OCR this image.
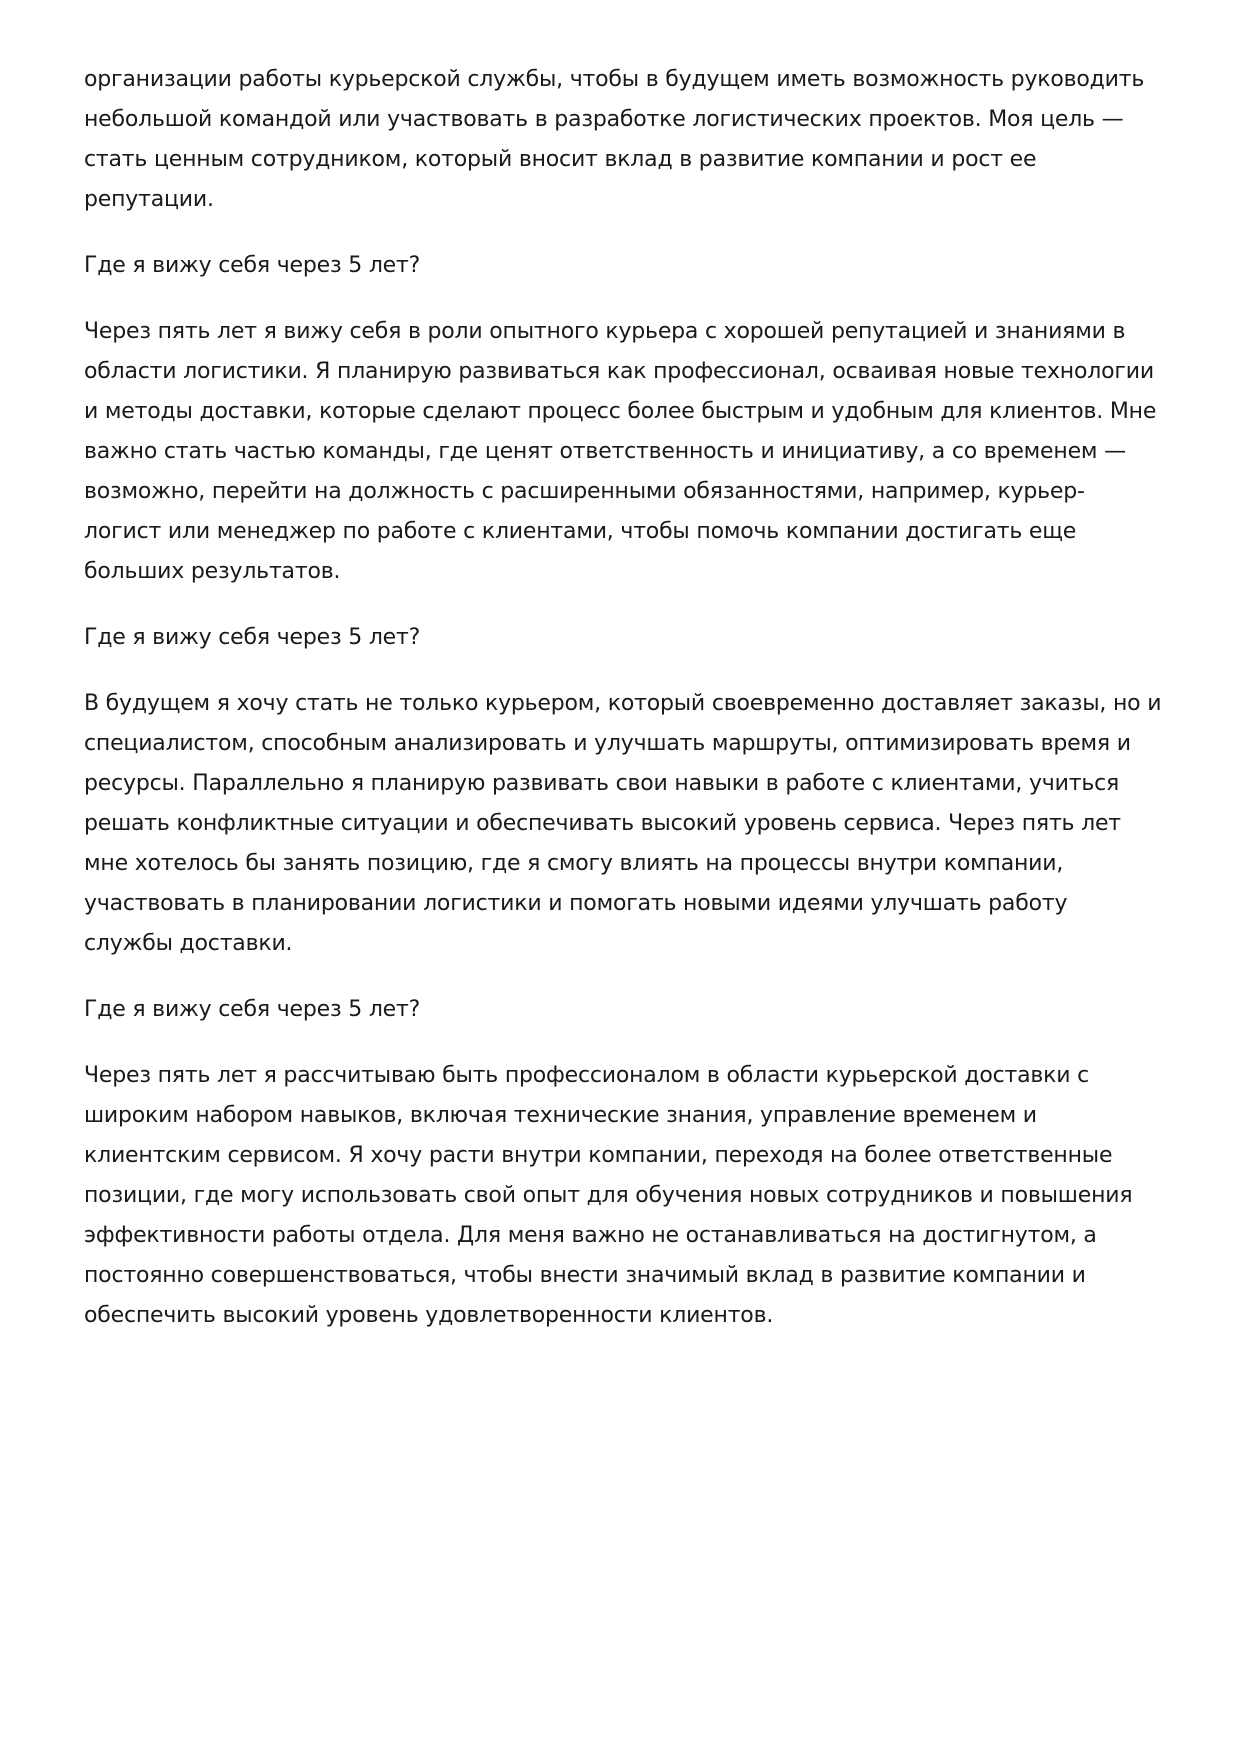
организации работы курьерской службы, чтобы в будущем иметь возможность руководить
небольшой командой или участвовать в разработке логистических проектов. Моя цель —
стать ценным сотрудником, который вносит вклад в развитие компании и рост ее
репутации.

Где я вижу себя через 5 лет?

Через пять лет я вижу себя в роли опытного курьера с хорошей репутацией и знаниями в
области логистики. Я планирую развиваться как профессионал, осваивая новые технологии
и методы доставки, которые сделают процесс более быстрым и удобным для клиентов. Мне
важно стать частью команды, где ценят ответственность и инициативу, а со временем —
возможно, перейти на должность с расширенными обязанностями, например, курьер-
логист или менеджер по работе с клиентами, чтобы помочь компании достигать еще
больших результатов.

Где я вижу себя через 5 лет?

В будущем я хочу стать не только курьером, который своевременно доставляет заказы, но и
специалистом, способным анализировать и улучшать маршруты, оптимизировать время и
ресурсы. Параллельно я планирую развивать свои навыки в работе с клиентами, учиться
решать конфликтные ситуации и обеспечивать высокий уровень сервиса. Через пять лет
мне хотелось бы занять позицию, где я смогу влиять на процессы внутри компании,
участвовать в планировании логистики и помогать новыми идеями улучшать работу
службы доставки.

Где я вижу себя через 5 лет?

Через пять лет я рассчитываю быть профессионалом в области курьерской доставки с
широким набором навыков, включая технические знания, управление временем и
клиентским сервисом. Я хочу расти внутри компании, переходя на более ответственные
позиции, где могу использовать свой опыт для обучения новых сотрудников и повышения
эффективности работы отдела. Для меня важно не останавливаться на достигнутом, а
постоянно совершенствоваться, чтобы внести значимый вклад в развитие компании и
обеспечить высокий уровень удовлетворенности клиентов.
